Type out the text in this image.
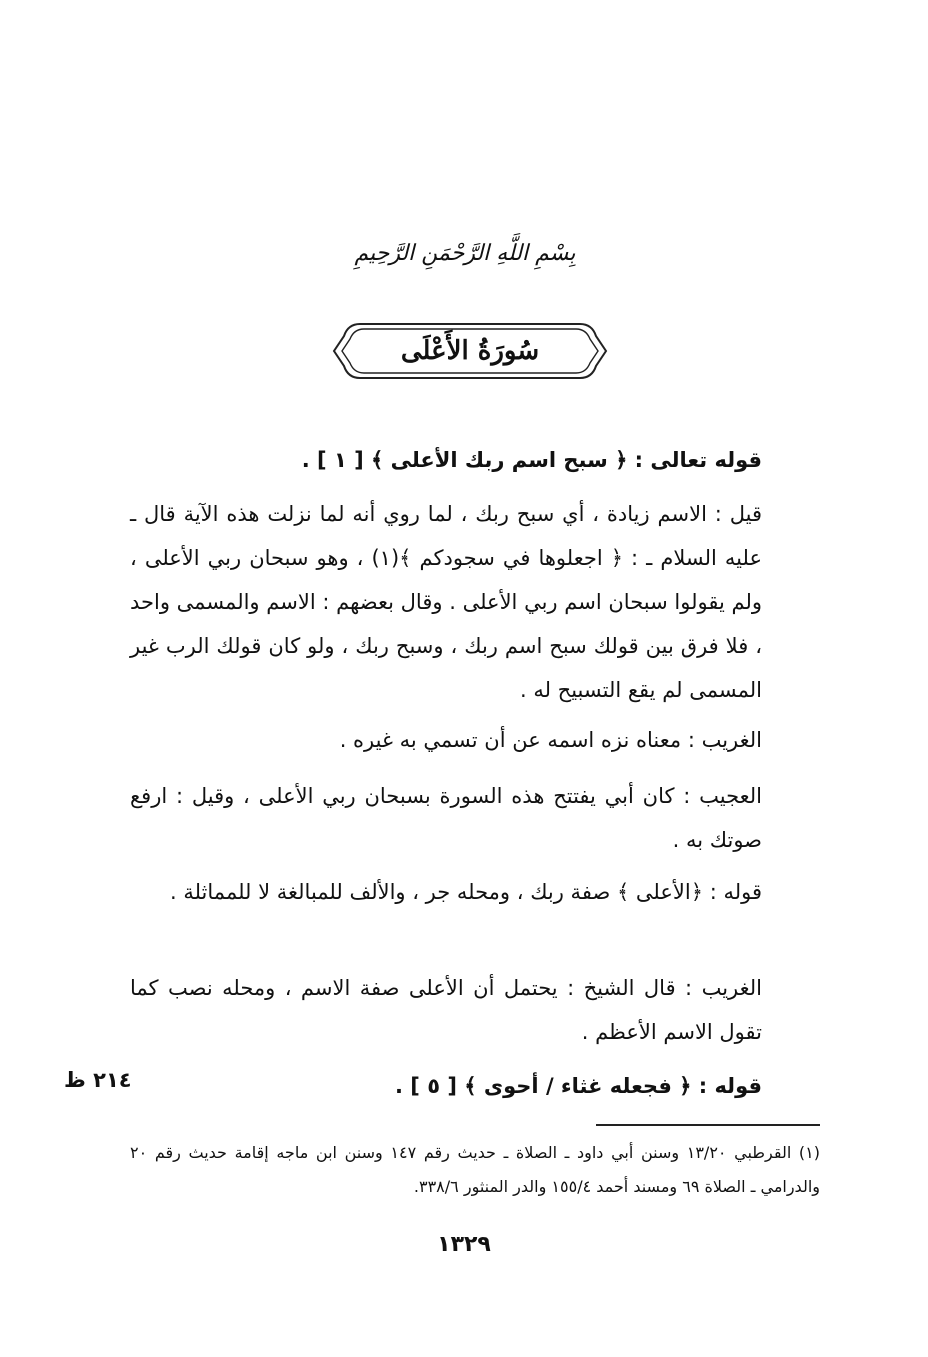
بِسْمِ اللَّهِ الرَّحْمَنِ الرَّحِيمِ
سُورَةُ الأَعْلَى

قوله تعالى : ﴿ سبح اسم ربك الأعلى ﴾ [ ١ ] .

قيل : الاسم زيادة ، أي سبح ربك ، لما روي أنه لما نزلت هذه الآية قال ـ عليه السلام ـ : ﴿ اجعلوها في سجودكم ﴾(١) ، وهو سبحان ربي الأعلى ، ولم يقولوا سبحان اسم ربي الأعلى . وقال بعضهم : الاسم والمسمى واحد ، فلا فرق بين قولك سبح اسم ربك ، وسبح ربك ، ولو كان قولك الرب غير المسمى لم يقع التسبيح له .

الغريب : معناه نزه اسمه عن أن تسمي به غيره .

العجيب : كان أبي يفتتح هذه السورة بسبحان ربي الأعلى ، وقيل : ارفع صوتك به .

قوله : ﴿الأعلى ﴾ صفة ربك ، ومحله جر ، والألف للمبالغة لا للمماثلة .

الغريب : قال الشيخ : يحتمل أن الأعلى صفة الاسم ، ومحله نصب كما تقول الاسم الأعظم .

قوله : ﴿ فجعله غثاء / أحوى ﴾ [ ٥ ] .

٢١٤ ظ
(١) القرطبي ١٣/٢٠ وسنن أبي داود ـ الصلاة ـ حديث رقم ١٤٧ وسنن ابن ماجه إقامة حديث رقم ٢٠ والدرامي ـ الصلاة ٦٩ ومسند أحمد ١٥٥/٤ والدر المنثور ٣٣٨/٦.
١٣٢٩
